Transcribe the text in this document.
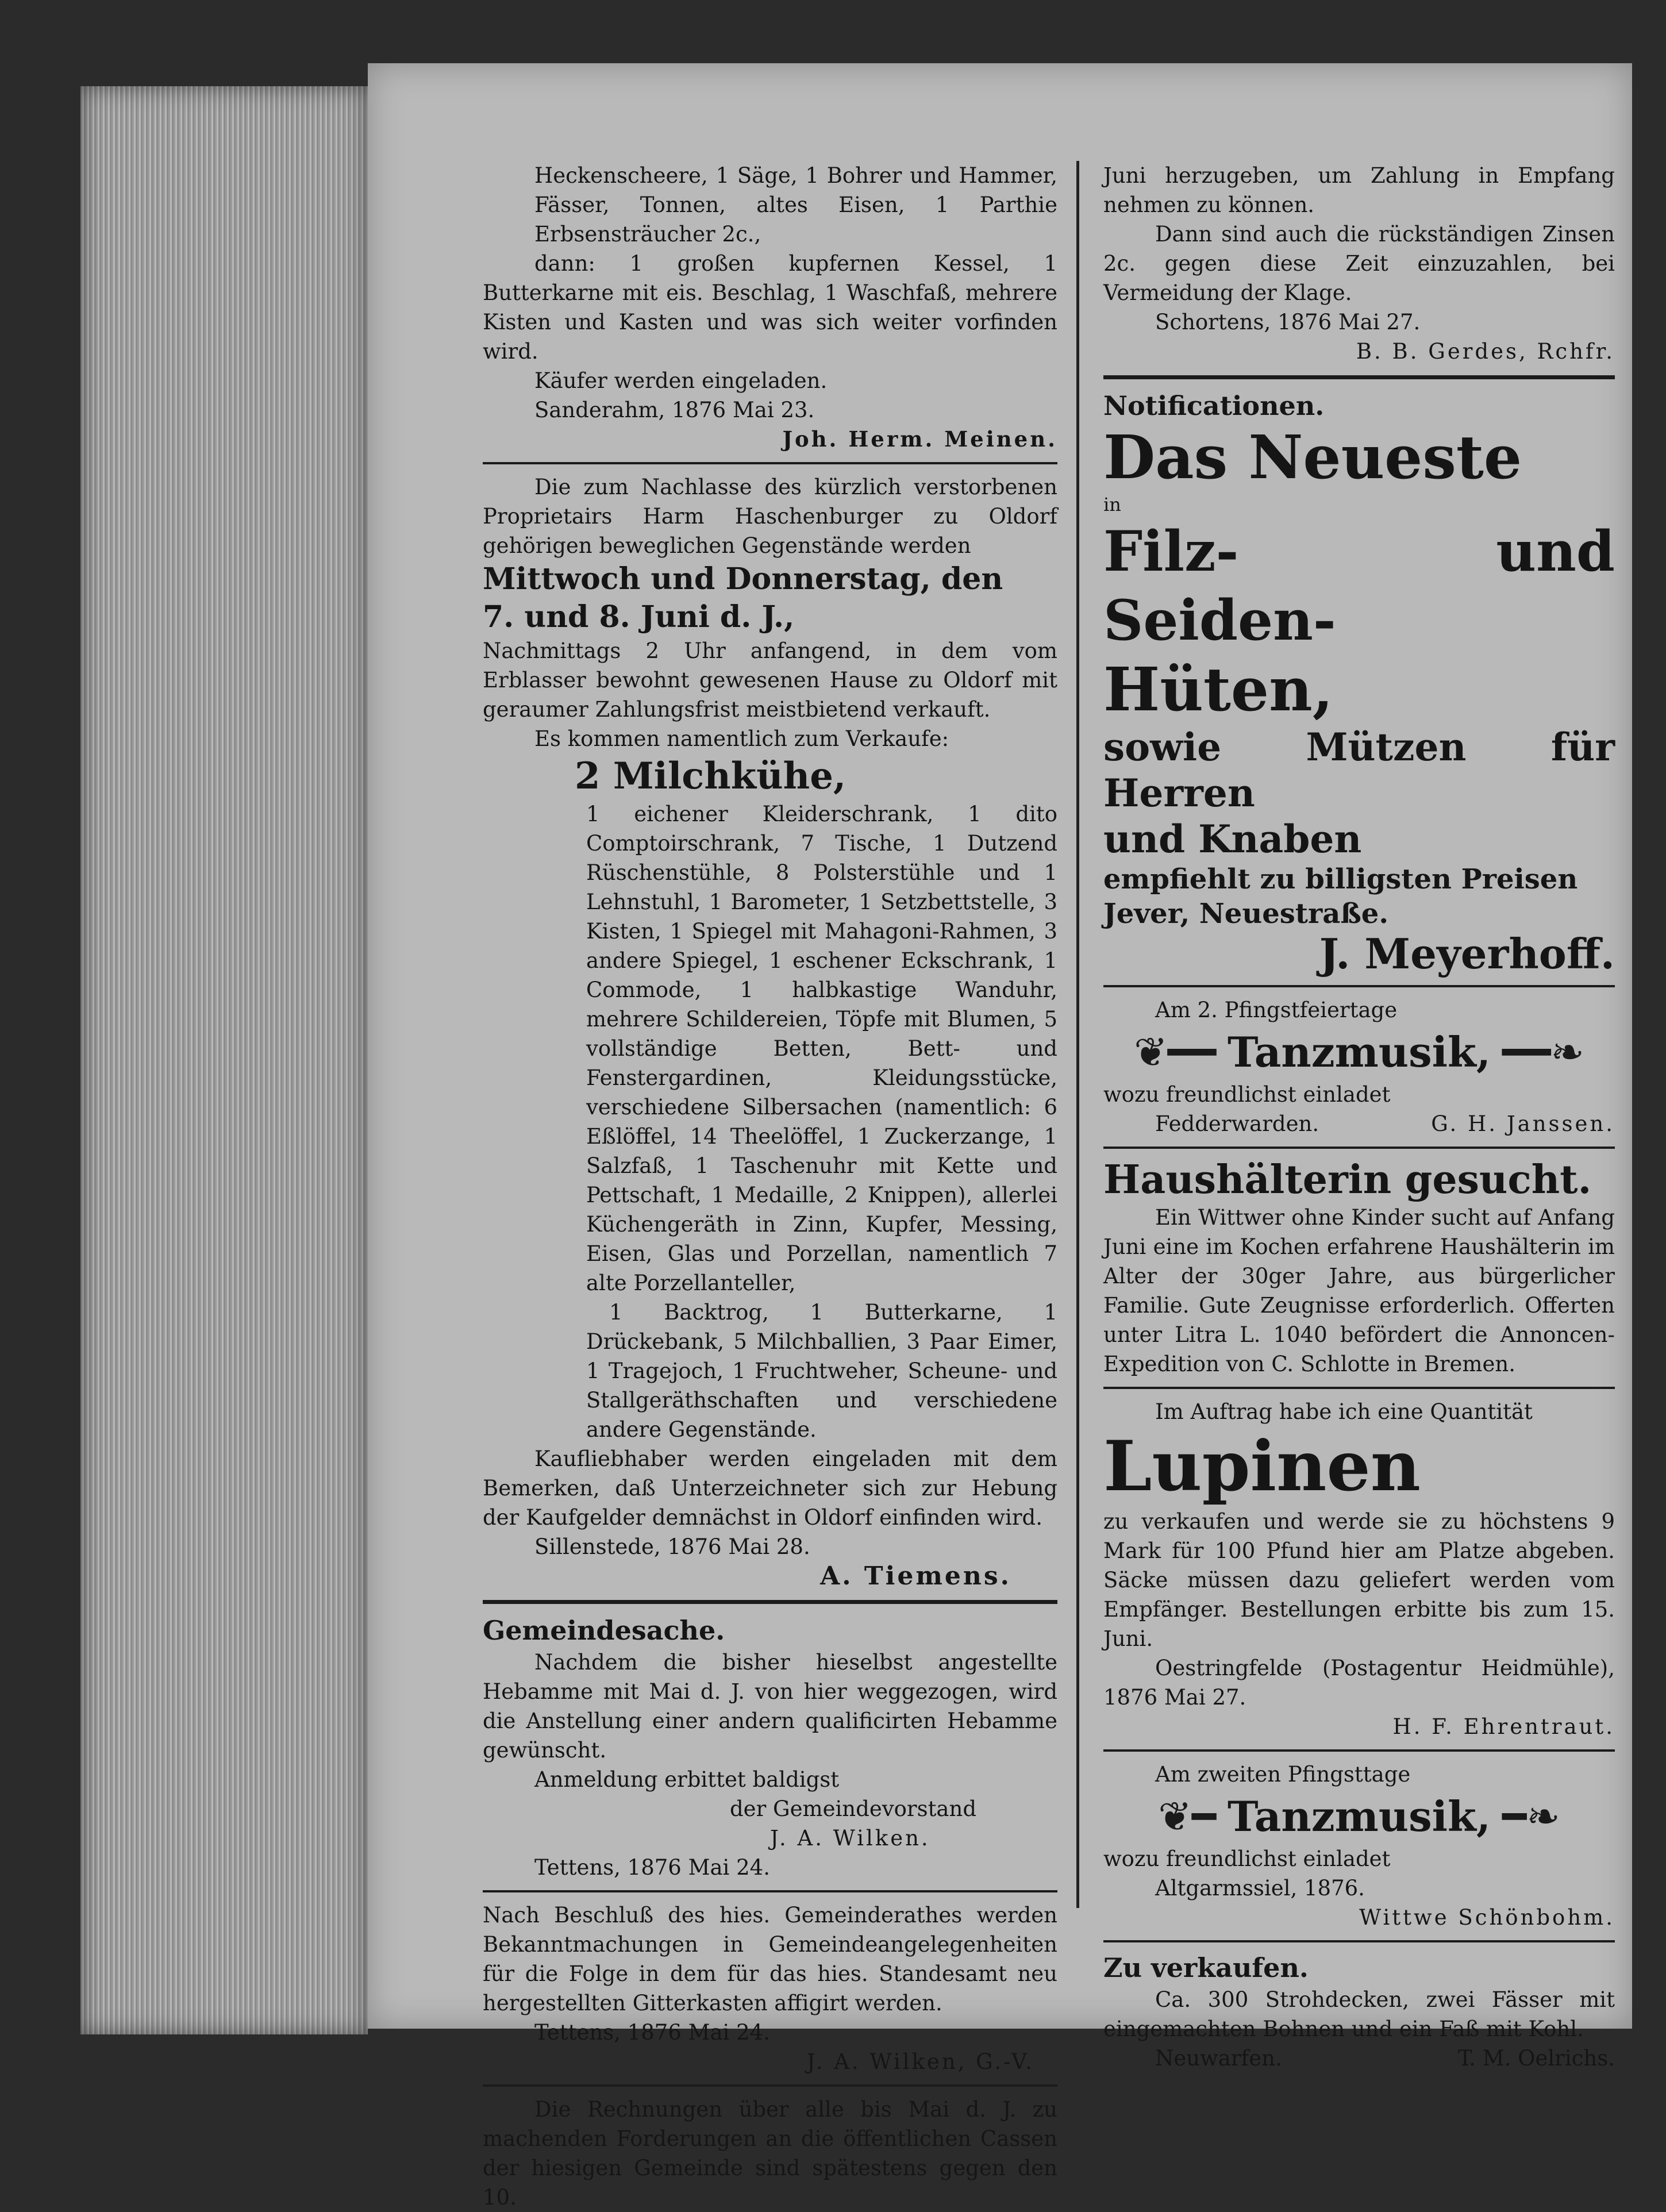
Heckenscheere, 1 Säge, 1 Bohrer und Hammer, Fässer, Tonnen, altes Eisen, 1 Parthie Erbsensträucher 2c.,

dann: 1 großen kupfernen Kessel, 1 Butterkarne mit eis. Beschlag, 1 Waschfaß, mehrere Kisten und Kasten und was sich weiter vorfinden wird.

Käufer werden eingeladen.

Sanderahm, 1876 Mai 23.

Joh. Herm. Meinen.

Die zum Nachlasse des kürzlich verstorbenen Proprietairs Harm Haschenburger zu Oldorf gehörigen beweglichen Gegenstände werden

Mittwoch und Donnerstag, den

7. und 8. Juni d. J.,

Nachmittags 2 Uhr anfangend, in dem vom Erblasser bewohnt gewesenen Hause zu Oldorf mit geraumer Zahlungsfrist meistbietend verkauft.

Es kommen namentlich zum Verkaufe:

2 Milchkühe,

1 eichener Kleiderschrank, 1 dito Comptoirschrank, 7 Tische, 1 Dutzend Rüschenstühle, 8 Polsterstühle und 1 Lehnstuhl, 1 Barometer, 1 Setzbettstelle, 3 Kisten, 1 Spiegel mit Mahagoni-Rahmen, 3 andere Spiegel, 1 eschener Eckschrank, 1 Commode, 1 halbkastige Wanduhr, mehrere Schildereien, Töpfe mit Blumen, 5 vollständige Betten, Bett- und Fenstergardinen, Kleidungsstücke, verschiedene Silbersachen (namentlich: 6 Eßlöffel, 14 Theelöffel, 1 Zuckerzange, 1 Salzfaß, 1 Taschenuhr mit Kette und Pettschaft, 1 Medaille, 2 Knippen), allerlei Küchengeräth in Zinn, Kupfer, Messing, Eisen, Glas und Porzellan, namentlich 7 alte Porzellanteller,

1 Backtrog, 1 Butterkarne, 1 Drückebank, 5 Milchballien, 3 Paar Eimer, 1 Tragejoch, 1 Fruchtweher, Scheune- und Stallgeräthschaften und verschiedene andere Gegenstände.

Kaufliebhaber werden eingeladen mit dem Bemerken, daß Unterzeichneter sich zur Hebung der Kaufgelder demnächst in Oldorf einfinden wird.

Sillenstede, 1876 Mai 28.

A. Tiemens.

Gemeindesache.

Nachdem die bisher hieselbst angestellte Hebamme mit Mai d. J. von hier weggezogen, wird die Anstellung einer andern qualificirten Hebamme gewünscht.

Anmeldung erbittet baldigst

der Gemeindevorstand

J. A. Wilken.

Tettens, 1876 Mai 24.

Nach Beschluß des hies. Gemeinderathes werden Bekanntmachungen in Gemeindeangelegenheiten für die Folge in dem für das hies. Standesamt neu hergestellten Gitterkasten affigirt werden.

Tettens, 1876 Mai 24.

J. A. Wilken, G.-V.

Die Rechnungen über alle bis Mai d. J. zu machenden Forderungen an die öffentlichen Cassen der hiesigen Gemeinde sind spätestens gegen den 10.

Juni herzugeben, um Zahlung in Empfang nehmen zu können.

Dann sind auch die rückständigen Zinsen 2c. gegen diese Zeit einzuzahlen, bei Vermeidung der Klage.

Schortens, 1876 Mai 27.

B. B. Gerdes, Rchfr.

Notificationen.

Das Neueste

in

Filz- und Seiden-

Hüten,

sowie Mützen für Herren

und Knaben

empfiehlt zu billigsten Preisen

Jever, Neuestraße.

J. Meyerhoff.

Am 2. Pfingstfeiertage

❦━━ Tanzmusik, ━━❧

wozu freundlichst einladet

Fedderwarden.	G. H. Janssen.

Haushälterin gesucht.

Ein Wittwer ohne Kinder sucht auf Anfang Juni eine im Kochen erfahrene Haushälterin im Alter der 30ger Jahre, aus bürgerlicher Familie. Gute Zeugnisse erforderlich. Offerten unter Litra L. 1040 befördert die Annoncen-Expedition von C. Schlotte in Bremen.

Im Auftrag habe ich eine Quantität

Lupinen

zu verkaufen und werde sie zu höchstens 9 Mark für 100 Pfund hier am Platze abgeben. Säcke müssen dazu geliefert werden vom Empfänger. Bestellungen erbitte bis zum 15. Juni.

Oestringfelde (Postagentur Heidmühle), 1876 Mai 27.

H. F. Ehrentraut.

Am zweiten Pfingsttage

❦━ Tanzmusik, ━❧

wozu freundlichst einladet

Altgarmssiel, 1876.

Wittwe Schönbohm.

Zu verkaufen.

Ca. 300 Strohdecken, zwei Fässer mit eingemachten Bohnen und ein Faß mit Kohl.

Neuwarfen.	T. M. Oelrichs.
